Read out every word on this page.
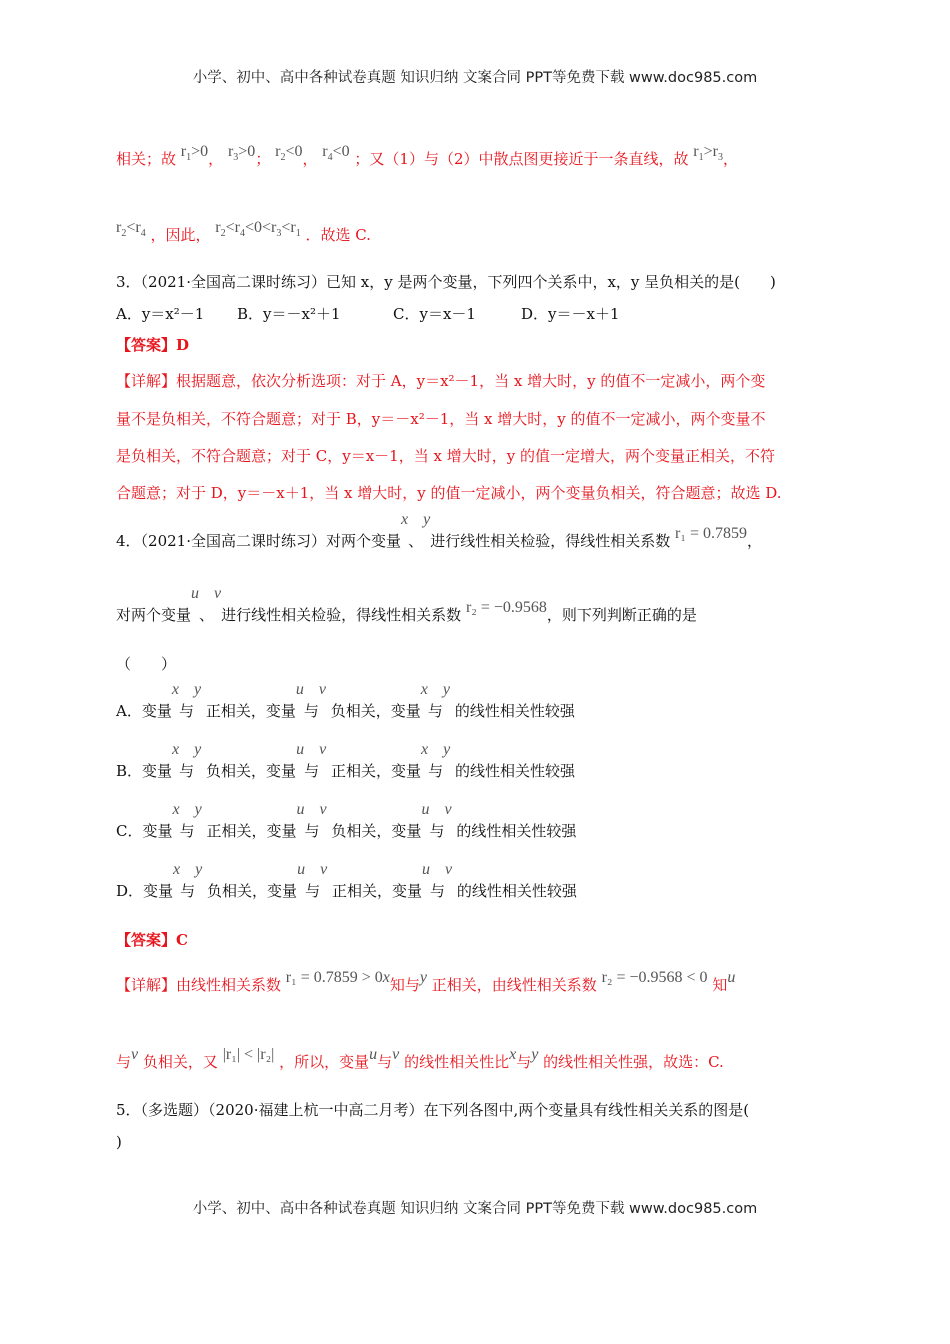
小学、初中、高中各种试卷真题 知识归纳 文案合同 PPT等免费下载 www.doc985.com
相关；故 $r_1>0$， $r_3>0$； $r_2<0$， $r_4<0$ ；又（1）与（2）中散点图更接近于一条直线，故 $r_1>r_3$，
$r_2<r_4$ ，因此， $r_2<r_4<0<r_3<r_1$ ．故选 C.
3．（2021·全国高二课时练习）已知 x，y 是两个变量，下列四个关系中，x，y 呈负相关的是(　　)
A．y＝x²－1 B．y＝－x²＋1	C．y＝x－1	D．y＝－x＋1
【答案】D
【详解】根据题意，依次分析选项：对于 A，y＝x²－1，当 x 增大时，y 的值不一定减小，两个变
量不是负相关，不符合题意；对于 B，y＝－x²－1，当 x 增大时，y 的值不一定减小，两个变量不
是负相关，不符合题意；对于 C，y＝x－1，当 x 增大时，y 的值一定增大，两个变量正相关，不符
合题意；对于 D，y＝－x＋1，当 x 增大时，y 的值一定减小，两个变量负相关，符合题意；故选 D.
4．（2021·全国高二课时练习）对两个变量x、y进行线性相关检验，得线性相关系数 r₁ = 0.7859，
对两个变量u、v进行线性相关检验，得线性相关系数 r₂ = −0.9568，则下列判断正确的是
（　　）
A．变量x与y 正相关，变量u与v 负相关，变量x与y 的线性相关性较强
B．变量x与y 负相关，变量u与v 正相关，变量x与y 的线性相关性较强
C．变量x与y 正相关，变量u与v 负相关，变量u与v 的线性相关性较强
D．变量x与y 负相关，变量u与v 正相关，变量u与v 的线性相关性较强
【答案】C
【详解】由线性相关系数 r₁ = 0.7859 > 0x知与y 正相关，由线性相关系数 r₂ = −0.9568 < 0 知u
与v 负相关，又 |r₁| < |r₂| ，所以，变量u与v 的线性相关性比x与y 的线性相关性强，故选：C.
5．（多选题）（2020·福建上杭一中高二月考）在下列各图中,两个变量具有线性相关关系的图是(
)
小学、初中、高中各种试卷真题 知识归纳 文案合同 PPT等免费下载 www.doc985.com
